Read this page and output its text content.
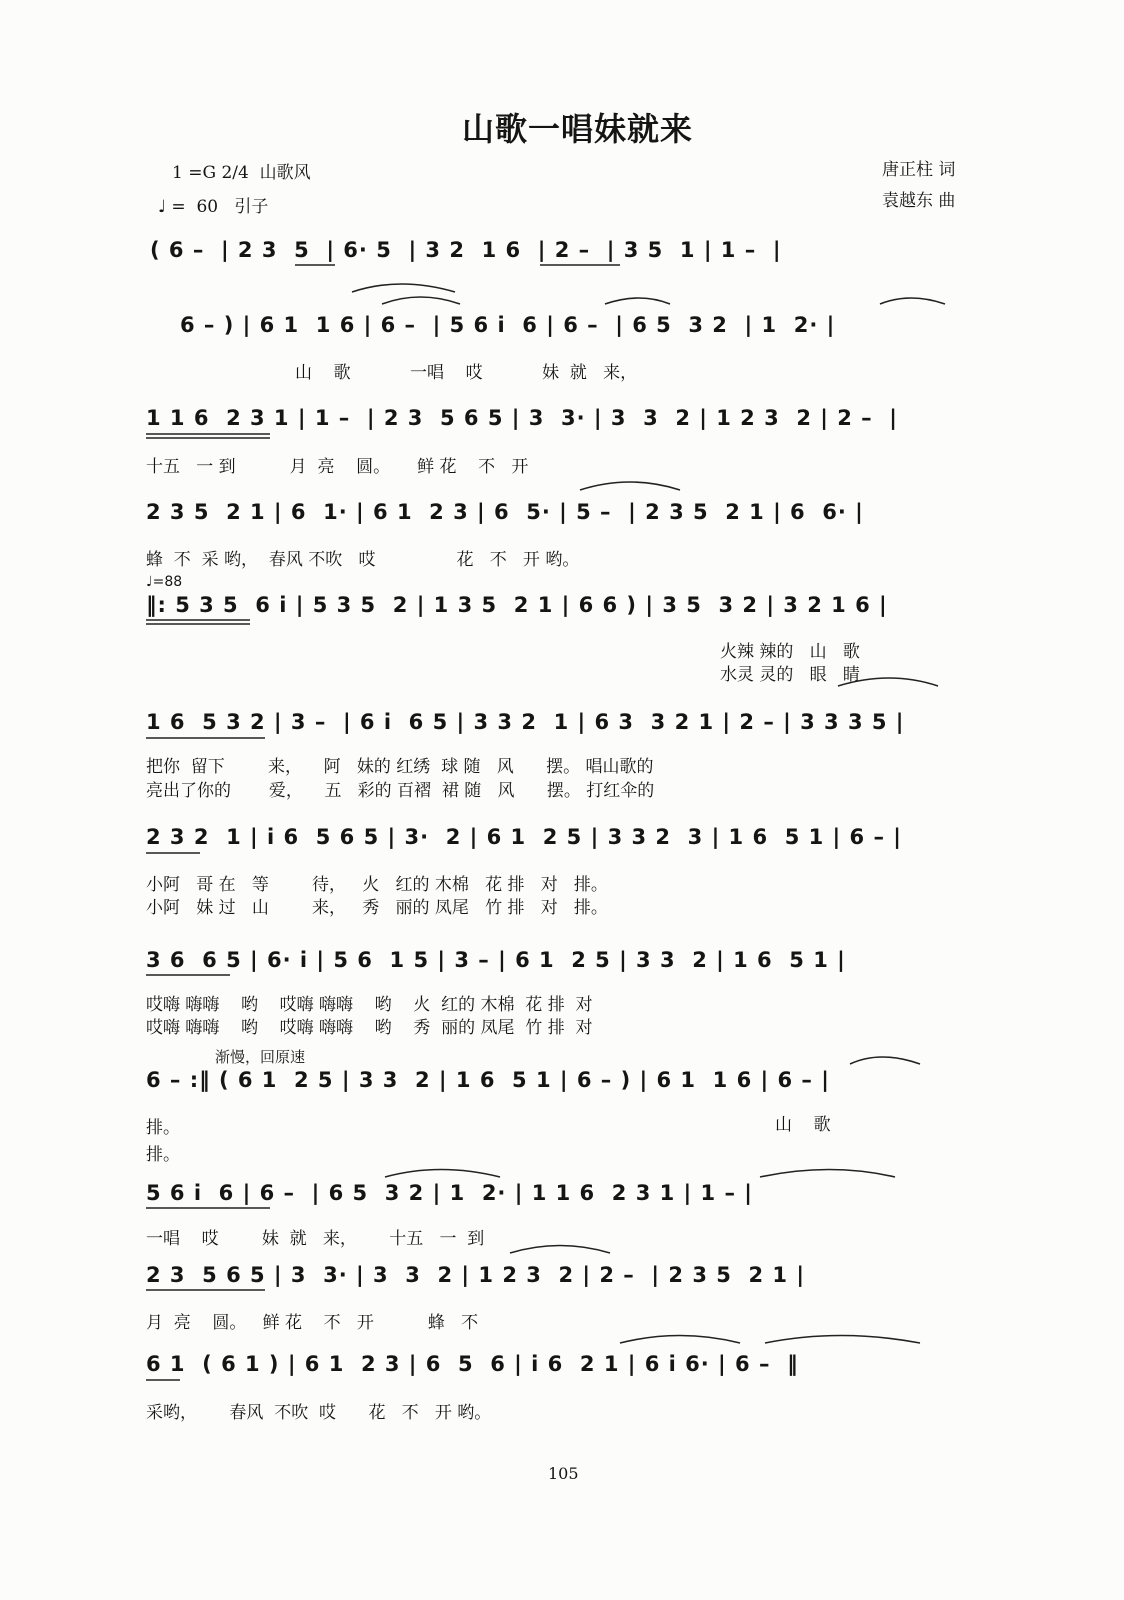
山歌一唱妹就来
1 =G 2/4  山歌风
♩ =  60   引子
唐正柱 词
袁越东 曲
( 6 –  | 2 3  5  | 6· 5  | 3 2  1 6  | 2 –  | 3 5  1 | 1 –  |
6 – ) | 6 1  1 6 | 6 –  | 5 6 i  6 | 6 –  | 6 5  3 2  | 1  2· |
山    歌           一唱    哎           妹  就   来，
1 1 6  2 3 1 | 1 –  | 2 3  5 6 5 | 3  3· | 3  3  2 | 1 2 3  2 | 2 –  |
十五   一 到          月  亮    圆。     鲜 花    不   开
2 3 5  2 1 | 6  1· | 6 1  2 3 | 6  5· | 5 –  | 2 3 5  2 1 | 6  6· |
蜂  不  采 哟，  春风 不吹   哎               花   不   开 哟。
♩=88
‖: 5 3 5  6 i | 5 3 5  2 | 1 3 5  2 1 | 6 6 ) | 3 5  3 2 | 3 2 1 6 |
火辣 辣的   山   歌
水灵 灵的   眼   睛
1 6  5 3 2 | 3 –  | 6 i  6 5 | 3 3 2  1 | 6 3  3 2 1 | 2 – | 3 3 3 5 |
把你  留下        来，    阿   妹的 红绣  球 随   风      摆。 唱山歌的
亮出了你的       爱，    五   彩的 百褶  裙 随   风      摆。 打红伞的
2 3 2  1 | i 6  5 6 5 | 3·  2 | 6 1  2 5 | 3 3 2  3 | 1 6  5 1 | 6 – |
小阿   哥 在   等        待，   火   红的 木棉   花 排   对   排。
小阿   妹 过   山        来，   秀   丽的 凤尾   竹 排   对   排。
3 6  6 5 | 6· i | 5 6  1 5 | 3 – | 6 1  2 5 | 3 3  2 | 1 6  5 1 |
哎嗨 嗨嗨    哟    哎嗨 嗨嗨    哟    火  红的 木棉  花 排  对
哎嗨 嗨嗨    哟    哎嗨 嗨嗨    哟    秀  丽的 凤尾  竹 排  对
渐慢，回原速
6 – :‖ ( 6 1  2 5 | 3 3  2 | 1 6  5 1 | 6 – ) | 6 1  1 6 | 6 – |
排。
排。
山    歌
5 6 i  6 | 6 –  | 6 5  3 2 | 1  2· | 1 1 6  2 3 1 | 1 – |
一唱    哎        妹  就   来，      十五   一  到
2 3  5 6 5 | 3  3· | 3  3  2 | 1 2 3  2 | 2 –  | 2 3 5  2 1 |
月  亮    圆。   鲜 花    不   开          蜂   不
6 1  ( 6 1 ) | 6 1  2 3 | 6  5  6 | i 6  2 1 | 6 i 6· | 6 –  ‖
采哟，      春风  不吹  哎      花   不   开 哟。
105
